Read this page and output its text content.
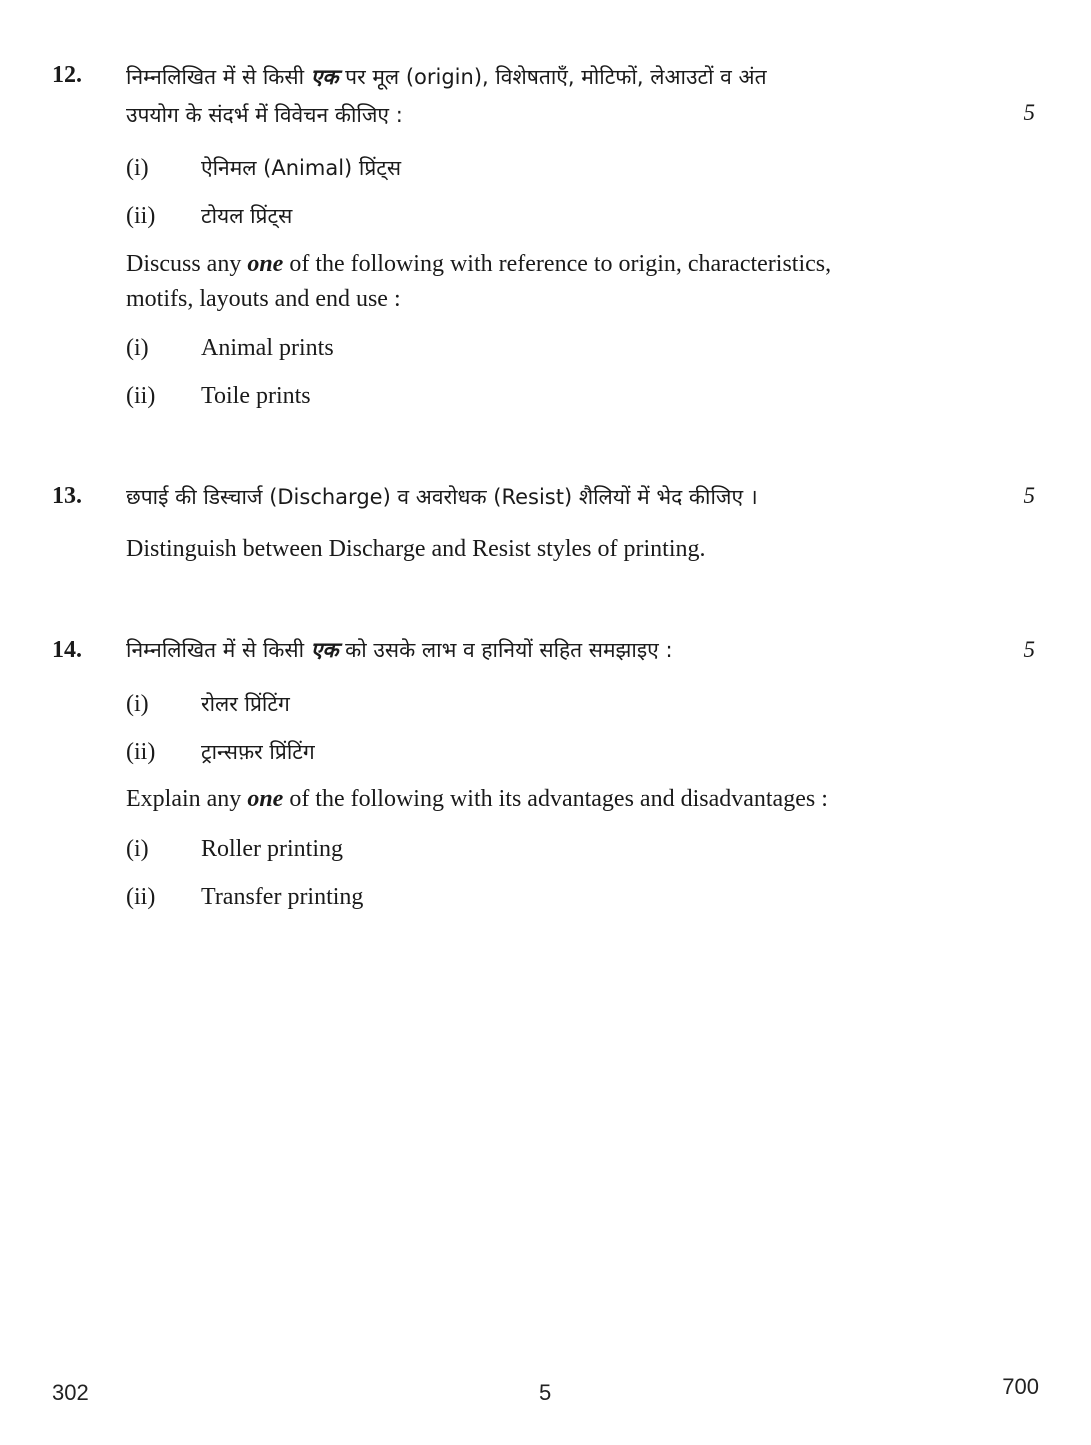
12.
5
निम्नलिखित में से किसी एक पर मूल (origin), विशेषताएँ, मोटिफों, लेआउटों व अंत
उपयोग के संदर्भ में विवेचन कीजिए :
(i) ऐनिमल (Animal) प्रिंट्स
(ii) टोयल प्रिंट्स
Discuss any one of the following with reference to origin, characteristics,
motifs, layouts and end use :
(i) Animal prints
(ii) Toile prints
13.	5
छपाई की डिस्चार्ज (Discharge) व अवरोधक (Resist) शैलियों में भेद कीजिए ।
Distinguish between Discharge and Resist styles of printing.
14.	5
निम्नलिखित में से किसी एक को उसके लाभ व हानियों सहित समझाइए :
(i) रोलर प्रिंटिंग
(ii) ट्रान्सफ़र प्रिंटिंग
Explain any one of the following with its advantages and disadvantages :
(i) Roller printing
(ii) Transfer printing
302	5	700
